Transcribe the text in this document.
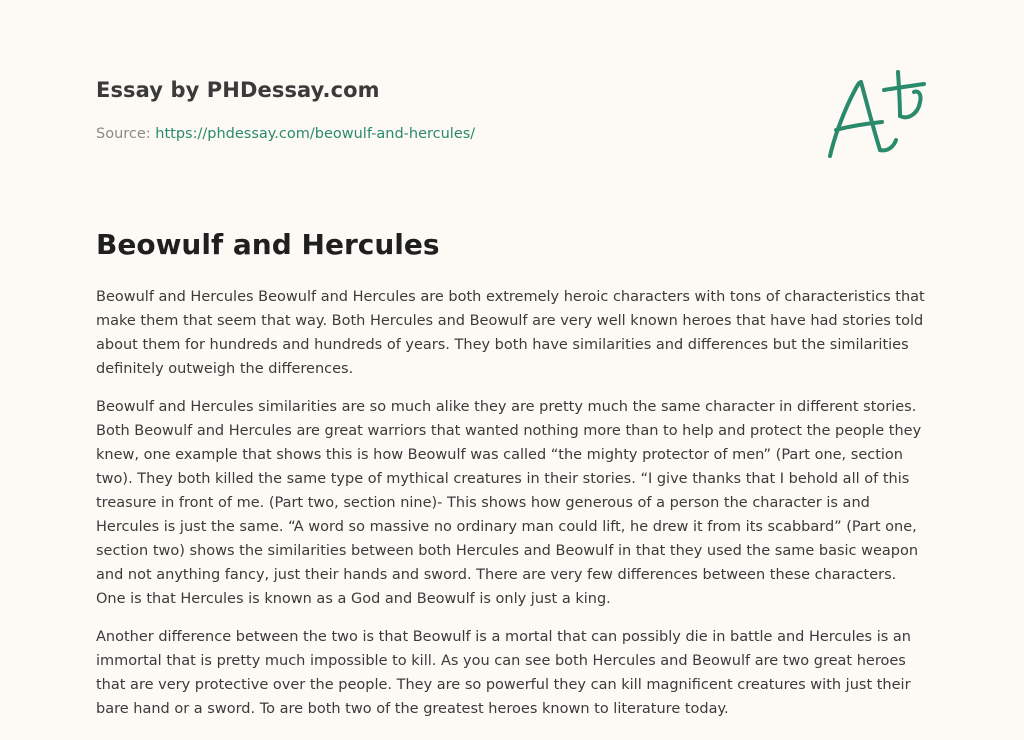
Essay by PHDessay.com
Source: https://phdessay.com/beowulf-and-hercules/
Beowulf and Hercules

Beowulf and Hercules Beowulf and Hercules are both extremely heroic characters with tons of characteristics that make them that seem that way. Both Hercules and Beowulf are very well known heroes that have had stories told about them for hundreds and hundreds of years. They both have similarities and differences but the similarities definitely outweigh the differences.

Beowulf and Hercules similarities are so much alike they are pretty much the same character in different stories. Both Beowulf and Hercules are great warriors that wanted nothing more than to help and protect the people they knew, one example that shows this is how Beowulf was called “the mighty protector of men” (Part one, section two). They both killed the same type of mythical creatures in their stories. “I give thanks that I behold all of this treasure in front of me. (Part two, section nine)- This shows how generous of a person the character is and Hercules is just the same. “A word so massive no ordinary man could lift, he drew it from its scabbard” (Part one, section two) shows the similarities between both Hercules and Beowulf in that they used the same basic weapon and not anything fancy, just their hands and sword. There are very few differences between these characters. One is that Hercules is known as a God and Beowulf is only just a king.

Another difference between the two is that Beowulf is a mortal that can possibly die in battle and Hercules is an immortal that is pretty much impossible to kill. As you can see both Hercules and Beowulf are two great heroes that are very protective over the people. They are so powerful they can kill magnificent creatures with just their bare hand or a sword. To are both two of the greatest heroes known to literature today.
